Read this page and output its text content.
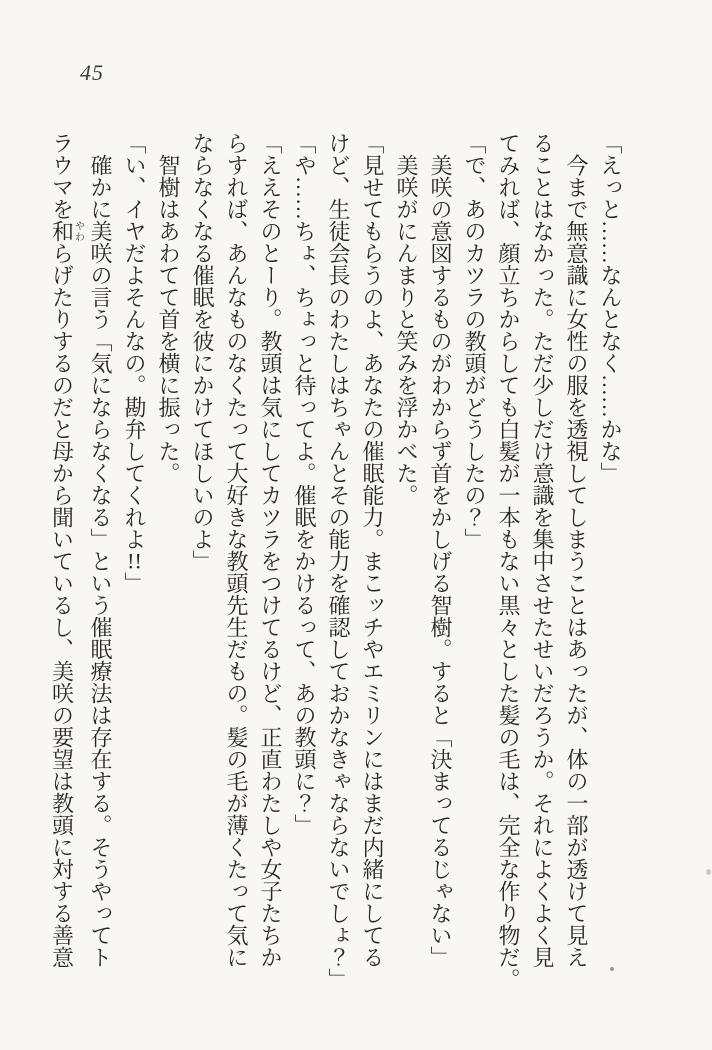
45

「えっと……なんとなく……かな」

今まで無意識に女性の服を透視してしまうことはあったが、体の一部が透けて見え

ることはなかった。ただ少しだけ意識を集中させたせいだろうか。それによくよく見

てみれば、顔立ちからしても白髪が一本もない黒々とした髪の毛は、完全な作り物だ。

「で、あのカツラの教頭がどうしたの？」

美咲の意図するものがわからず首をかしげる智樹。すると「決まってるじゃない」

美咲がにんまりと笑みを浮かべた。

「見せてもらうのよ、あなたの催眠能力。まこッチやエミリンにはまだ内緒にしてる

けど、生徒会長のわたしはちゃんとその能力を確認しておかなきゃならないでしょ？」

「や……ちょ、ちょっと待ってよ。催眠をかけるって、あの教頭に？」

「ええそのとーり。教頭は気にしてカツラをつけてるけど、正直わたしや女子たちか

らすれば、あんなものなくたって大好きな教頭先生だもの。髪の毛が薄くたって気に

ならなくなる催眠を彼にかけてほしいのよ」

智樹はあわてて首を横に振った。

「い、イヤだよそんなの。勘弁してくれよ!!」

確かに美咲の言う「気にならなくなる」という催眠療法は存在する。そうやってト

ラウマを和やわらげたりするのだと母から聞いているし、美咲の要望は教頭に対する善意
